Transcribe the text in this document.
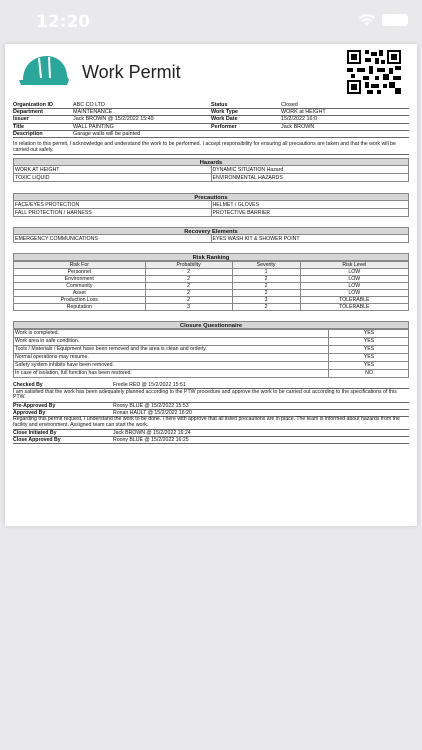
12:20
Work Permit
Organization ID	ABC CO LTD	Status	Closed
Department	MAINTENANCE	Work Type	WORK at HEIGHT
Issuer	Jack BROWN @ 15/2/2022 15:49	Work Date	15/2/2022 16:0
Title	WALL PAINTING	Performer	Jack BROWN
Description	Garage walls will be painted
In relation to this permit, I acknowledge and understand the work to be performed. I accept responsibility for ensuring all precautions are taken and that the work will be carried out safely.
Hazards
WORK AT HEIGHT	DYNAMIC SITUATION Hazard
TOXIC LIQUID	ENVIRONMENTAL HAZARDS
Precautions
FACE/EYES PROTECTION	HELMET / GLOVES
FALL PROTECTION / HARNESS	PROTECTIVE BARRIER
Recovery Elements
EMERGENCY COMMUNICATIONS	EYES WASH KIT & SHOWER POINT
Risk Ranking
Risk For	Probability	Severity	Risk Level
Personnel	2	1	LOW
Environment	2	2	LOW
Community	2	2	LOW
Asset	2	2	LOW
Production Loss	2	3	TOLERABLE
Reputation	3	2	TOLERABLE
Closure Questionnaire
Work is completed.	YES
Work area in safe condition.	YES
Tools / Materials / Equipment have been removed and the area is clean and orderly.	YES
Normal operations may resume.	YES
Safety system inhibits have been removed.	YES
In case of isolation, full function has been restored.	NO
Checked By	Fredie RED @ 15/2/2022 15:51
I am satisfied that the work has been adequately planned according to the PTW procedure and approve the work to be carried out according to the specifications of this PTW.
Pre-Approved By	Roony BLUE @ 15/2/2022 15:53
Approved By	Ronan HAULT @ 15/2/2022 16:20
Regarding this permit request, I understand the work to be done. I here with approve that all listed precautions are in place. The team is informed about hazards from the facility and environment. Assigned team can start the work.
Close Initiated By	Jack BROWN @ 15/2/2022 16:24
Close Approved By	Roony BLUE @ 15/2/2022 16:25
